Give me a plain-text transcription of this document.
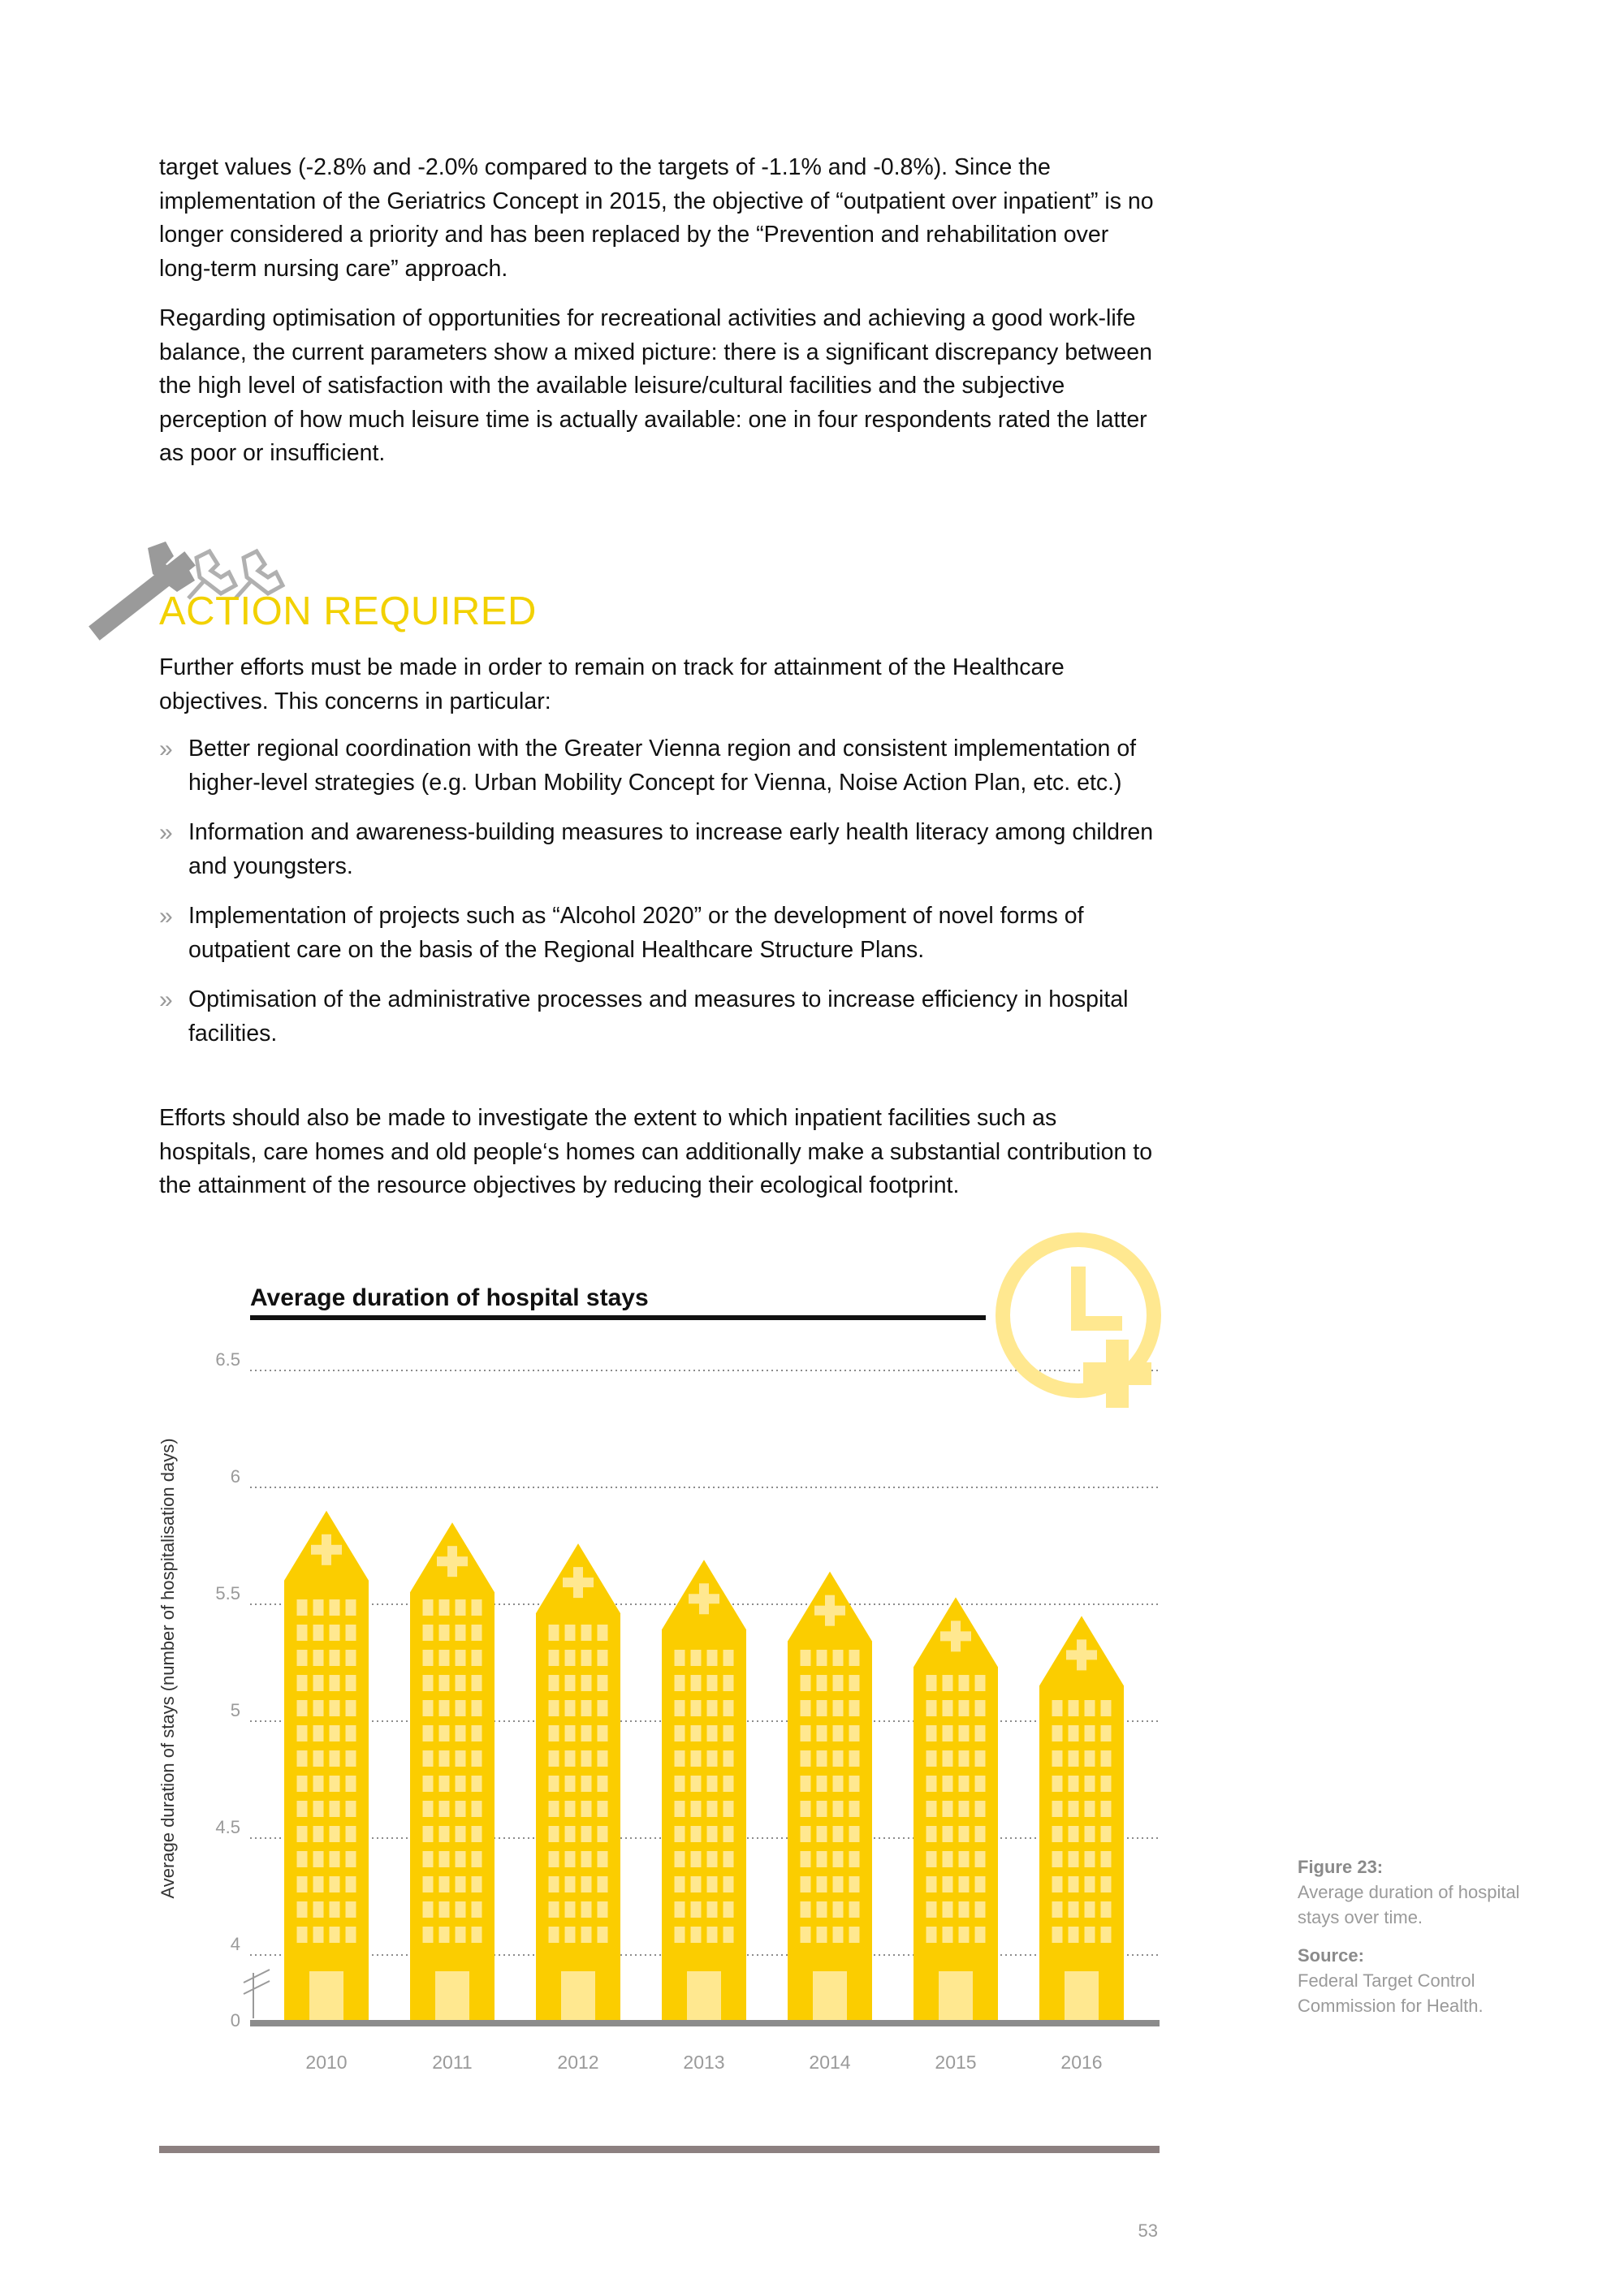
target values (-2.8% and -2.0% compared to the targets of -1.1% and -0.8%). Since the implementation of the Geriatrics Concept in 2015, the objective of “outpatient over inpatient” is no longer considered a priority and has been replaced by the “Prevention and rehabilitation over long-term nursing care” approach.

Regarding optimisation of opportunities for recreational activities and achieving a good work-life balance, the current parameters show a mixed picture: there is a significant discrepancy between the high level of satisfaction with the available leisure/cultural facilities and the subjective perception of how much leisure time is actually available: one in four respondents rated the latter as poor or insufficient.

ACTION REQUIRED

Further efforts must be made in order to remain on track for attainment of the Healthcare objectives. This concerns in particular:

» Better regional coordination with the Greater Vienna region and consistent implementation of higher-level strategies (e.g. Urban Mobility Concept for Vienna, Noise Action Plan, etc. etc.)
» Information and awareness-building measures to increase early health literacy among children and youngsters.
» Implementation of projects such as “Alcohol 2020” or the development of novel forms of outpatient care on the basis of the Regional Healthcare Structure Plans.
» Optimisation of the administrative processes and measures to increase efficiency in hospital facilities.

Efforts should also be made to investigate the extent to which inpatient facilities such as hospitals, care homes and old people‘s homes can additionally make a substantial contribution to the attainment of the resource objectives by reducing their ecological footprint.

Average duration of hospital stays
4
4.5
5
5.5
6
6.5
0
Average duration of stays (number of hospitalisation days)
2010	2011	2012	2013	2014	2015	2016
Figure 23:
Average duration of hospital stays over time.
Source:
Federal Target Control Commission for Health.
53
